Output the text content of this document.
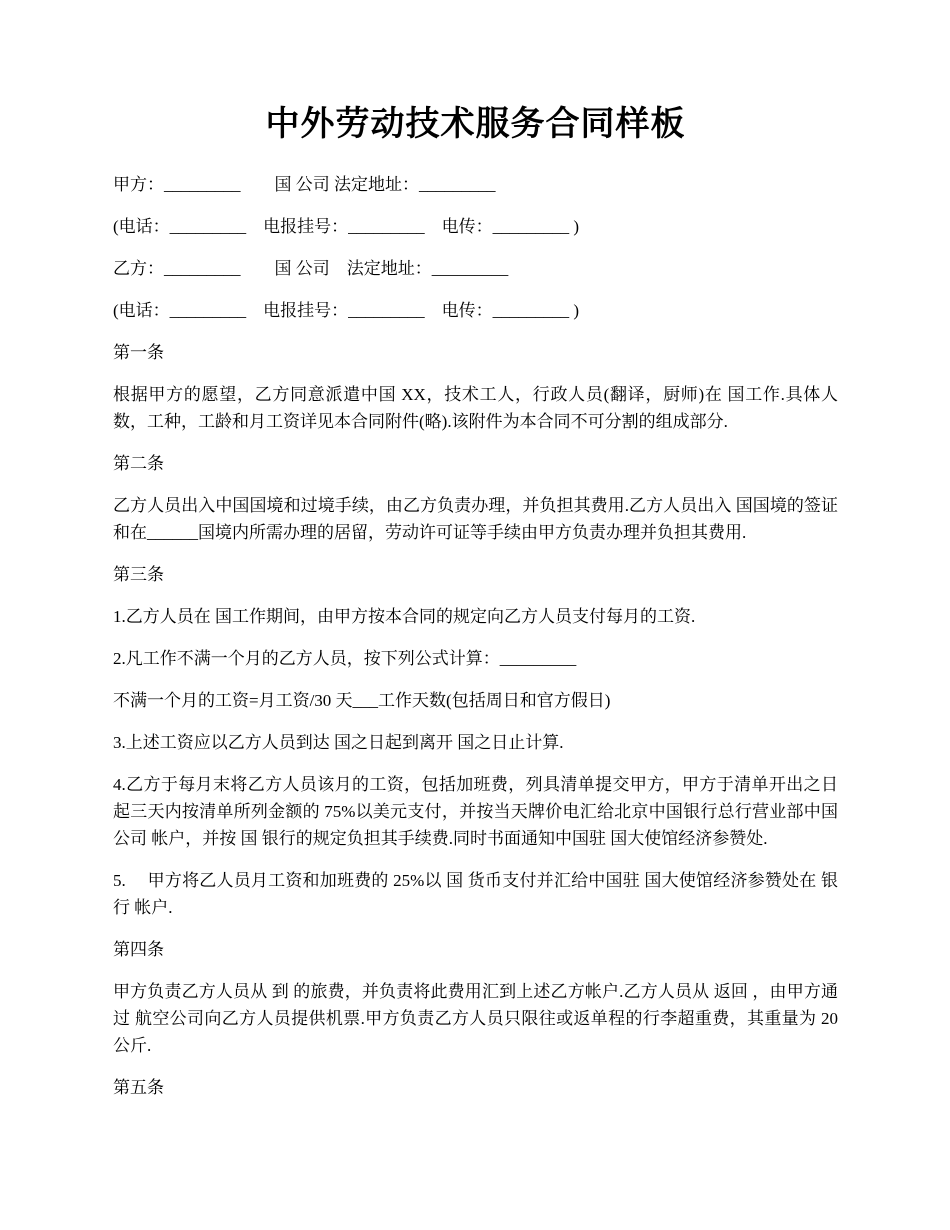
中外劳动技术服务合同样板

甲方：_________　　国 公司 法定地址：_________

(电话：_________　电报挂号：_________　电传：_________ )

乙方：_________　　国 公司　法定地址：_________

(电话：_________　电报挂号：_________　电传：_________ )

第一条

根据甲方的愿望，乙方同意派遣中国 XX，技术工人，行政人员(翻译，厨师)在 国工作.具体人数，工种，工龄和月工资详见本合同附件(略).该附件为本合同不可分割的组成部分.

第二条

乙方人员出入中国国境和过境手续，由乙方负责办理，并负担其费用.乙方人员出入 国国境的签证和在______国境内所需办理的居留，劳动许可证等手续由甲方负责办理并负担其费用.

第三条

1.乙方人员在 国工作期间，由甲方按本合同的规定向乙方人员支付每月的工资.

2.凡工作不满一个月的乙方人员，按下列公式计算：_________

不满一个月的工资=月工资/30 天___工作天数(包括周日和官方假日)

3.上述工资应以乙方人员到达 国之日起到离开 国之日止计算.

4.乙方于每月末将乙方人员该月的工资，包括加班费，列具清单提交甲方，甲方于清单开出之日起三天内按清单所列金额的 75%以美元支付，并按当天牌价电汇给北京中国银行总行营业部中国 公司 帐户，并按 国 银行的规定负担其手续费.同时书面通知中国驻 国大使馆经济参赞处.

5.　 甲方将乙人员月工资和加班费的 25%以 国 货币支付并汇给中国驻 国大使馆经济参赞处在 银行 帐户.

第四条

甲方负责乙方人员从 到 的旅费，并负责将此费用汇到上述乙方帐户.乙方人员从 返回 ，由甲方通过 航空公司向乙方人员提供机票.甲方负责乙方人员只限往或返单程的行李超重费，其重量为 20 公斤.

第五条
